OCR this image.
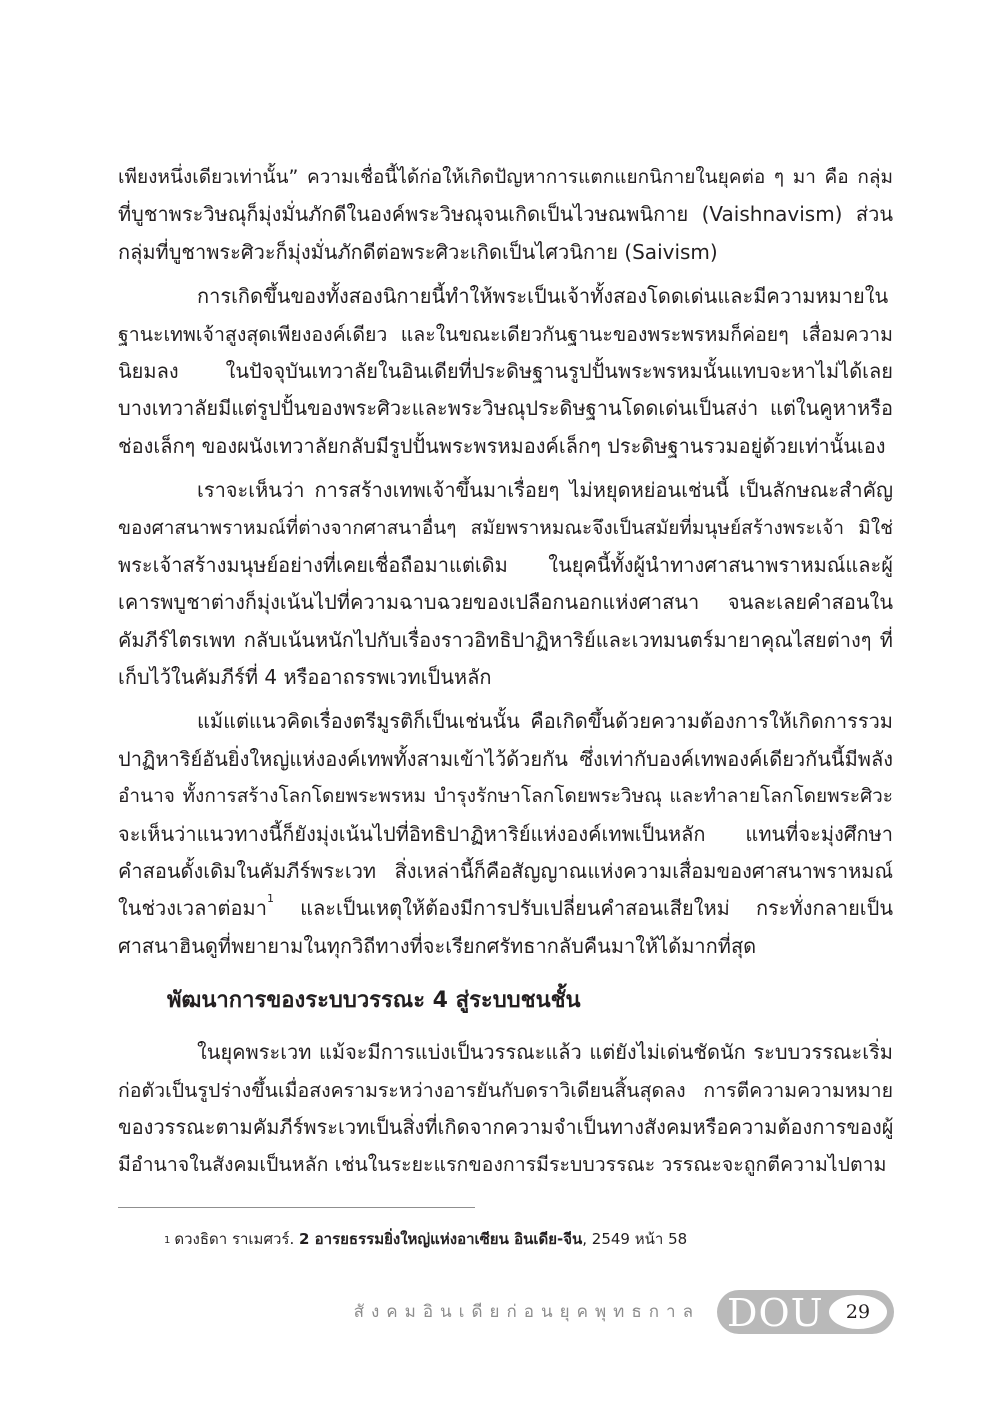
เพียงหนึ่งเดียวเท่านั้น” ความเชื่อนี้ได้ก่อให้เกิดปัญหาการแตกแยกนิกายในยุคต่อ ๆ มา คือ กลุ่ม
ที่บูชาพระวิษณุก็มุ่งมั่นภักดีในองค์พระวิษณุจนเกิดเป็นไวษณพนิกาย (Vaishnavism) ส่วน
กลุ่มที่บูชาพระศิวะก็มุ่งมั่นภักดีต่อพระศิวะเกิดเป็นไศวนิกาย (Saivism)
การเกิดขึ้นของทั้งสองนิกายนี้ทำให้พระเป็นเจ้าทั้งสองโดดเด่นและมีความหมายใน
ฐานะเทพเจ้าสูงสุดเพียงองค์เดียว และในขณะเดียวกันฐานะของพระพรหมก็ค่อยๆ เสื่อมความ
นิยมลง ในปัจจุบันเทวาลัยในอินเดียที่ประดิษฐานรูปปั้นพระพรหมนั้นแทบจะหาไม่ได้เลย
บางเทวาลัยมีแต่รูปปั้นของพระศิวะและพระวิษณุประดิษฐานโดดเด่นเป็นสง่า แต่ในคูหาหรือ
ช่องเล็กๆ ของผนังเทวาลัยกลับมีรูปปั้นพระพรหมองค์เล็กๆ ประดิษฐานรวมอยู่ด้วยเท่านั้นเอง
เราจะเห็นว่า การสร้างเทพเจ้าขึ้นมาเรื่อยๆ ไม่หยุดหย่อนเช่นนี้ เป็นลักษณะสำคัญ
ของศาสนาพราหมณ์ที่ต่างจากศาสนาอื่นๆ สมัยพราหมณะจึงเป็นสมัยที่มนุษย์สร้างพระเจ้า มิใช่
พระเจ้าสร้างมนุษย์อย่างที่เคยเชื่อถือมาแต่เดิม ในยุคนี้ทั้งผู้นำทางศาสนาพราหมณ์และผู้
เคารพบูชาต่างก็มุ่งเน้นไปที่ความฉาบฉวยของเปลือกนอกแห่งศาสนา จนละเลยคำสอนใน
คัมภีร์ไตรเพท กลับเน้นหนักไปกับเรื่องราวอิทธิปาฏิหาริย์และเวทมนตร์มายาคุณไสยต่างๆ ที่
เก็บไว้ในคัมภีร์ที่ 4 หรืออาถรรพเวทเป็นหลัก
แม้แต่แนวคิดเรื่องตรีมูรติก็เป็นเช่นนั้น คือเกิดขึ้นด้วยความต้องการให้เกิดการรวม
ปาฏิหาริย์อันยิ่งใหญ่แห่งองค์เทพทั้งสามเข้าไว้ด้วยกัน ซึ่งเท่ากับองค์เทพองค์เดียวกันนี้มีพลัง
อำนาจ ทั้งการสร้างโลกโดยพระพรหม บำรุงรักษาโลกโดยพระวิษณุ และทำลายโลกโดยพระศิวะ
จะเห็นว่าแนวทางนี้ก็ยังมุ่งเน้นไปที่อิทธิปาฏิหาริย์แห่งองค์เทพเป็นหลัก แทนที่จะมุ่งศึกษา
คำสอนดั้งเดิมในคัมภีร์พระเวท สิ่งเหล่านี้ก็คือสัญญาณแห่งความเสื่อมของศาสนาพราหมณ์
ในช่วงเวลาต่อมา$^1$ และเป็นเหตุให้ต้องมีการปรับเปลี่ยนคำสอนเสียใหม่ กระทั่งกลายเป็น
ศาสนาฮินดูที่พยายามในทุกวิถีทางที่จะเรียกศรัทธากลับคืนมาให้ได้มากที่สุด
พัฒนาการของระบบวรรณะ 4 สู่ระบบชนชั้น
ในยุคพระเวท แม้จะมีการแบ่งเป็นวรรณะแล้ว แต่ยังไม่เด่นชัดนัก ระบบวรรณะเริ่ม
ก่อตัวเป็นรูปร่างขึ้นเมื่อสงครามระหว่างอารยันกับดราวิเดียนสิ้นสุดลง การตีความความหมาย
ของวรรณะตามคัมภีร์พระเวทเป็นสิ่งที่เกิดจากความจำเป็นทางสังคมหรือความต้องการของผู้
มีอำนาจในสังคมเป็นหลัก เช่นในระยะแรกของการมีระบบวรรณะ วรรณะจะถูกตีความไปตาม
$^1$ ดวงธิดา ราเมศวร์. 2 อารยธรรมยิ่งใหญ่แห่งอาเซียน อินเดีย-จีน, 2549 หน้า 58
สังคมอินเดียก่อนยุคพุทธกาล DOU	29
